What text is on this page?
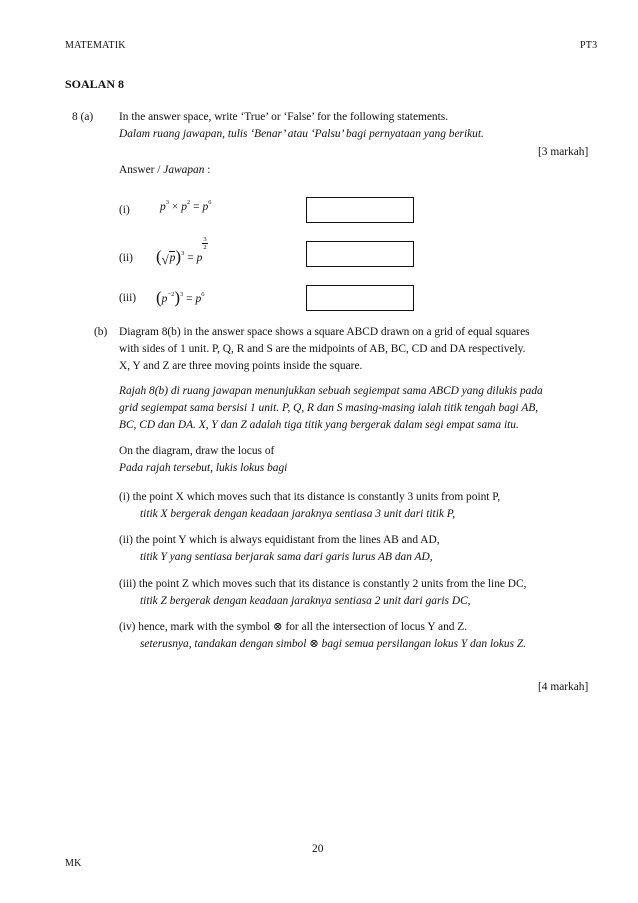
MATEMATIK	PT3
SOALAN 8
8 (a) In the answer space, write ‘True’ or ‘False’ for the following statements.
Dalam ruang jawapan, tulis ‘Benar’ atau ‘Palsu’ bagi pernyataan yang berikut.
[3 markah]
Answer / Jawapan :
(i)	$p^3 \times p^2 = p^6$
(ii) ( √ p)$^3$ = p
$\frac{3}{2}$
(iii) $(p^{-2})^3 = p^6$
(b) Diagram 8(b) in the answer space shows a square ABCD drawn on a grid of equal squares
with sides of 1 unit. P, Q, R and S are the midpoints of AB, BC, CD and DA respectively.
X, Y and Z are three moving points inside the square.
Rajah 8(b) di ruang jawapan menunjukkan sebuah segiempat sama ABCD yang dilukis pada
grid segiempat sama bersisi 1 unit. P, Q, R dan S masing-masing ialah titik tengah bagi AB,
BC, CD dan DA. X, Y dan Z adalah tiga titik yang bergerak dalam segi empat sama itu.
On the diagram, draw the locus of
Pada rajah tersebut, lukis lokus bagi
(i) the point X which moves such that its distance is constantly 3 units from point P,
titik X bergerak dengan keadaan jaraknya sentiasa 3 unit dari titik P,
(ii) the point Y which is always equidistant from the lines AB and AD,
titik Y yang sentiasa berjarak sama dari garis lurus AB dan AD,
(iii) the point Z which moves such that its distance is constantly 2 units from the line DC,
titik Z bergerak dengan keadaan jaraknya sentiasa 2 unit dari garis DC,
(iv) hence, mark with the symbol ⊗ for all the intersection of locus Y and Z.
seterusnya, tandakan dengan simbol ⊗ bagi semua persilangan lokus Y dan lokus Z.
[4 markah]
20
MK
